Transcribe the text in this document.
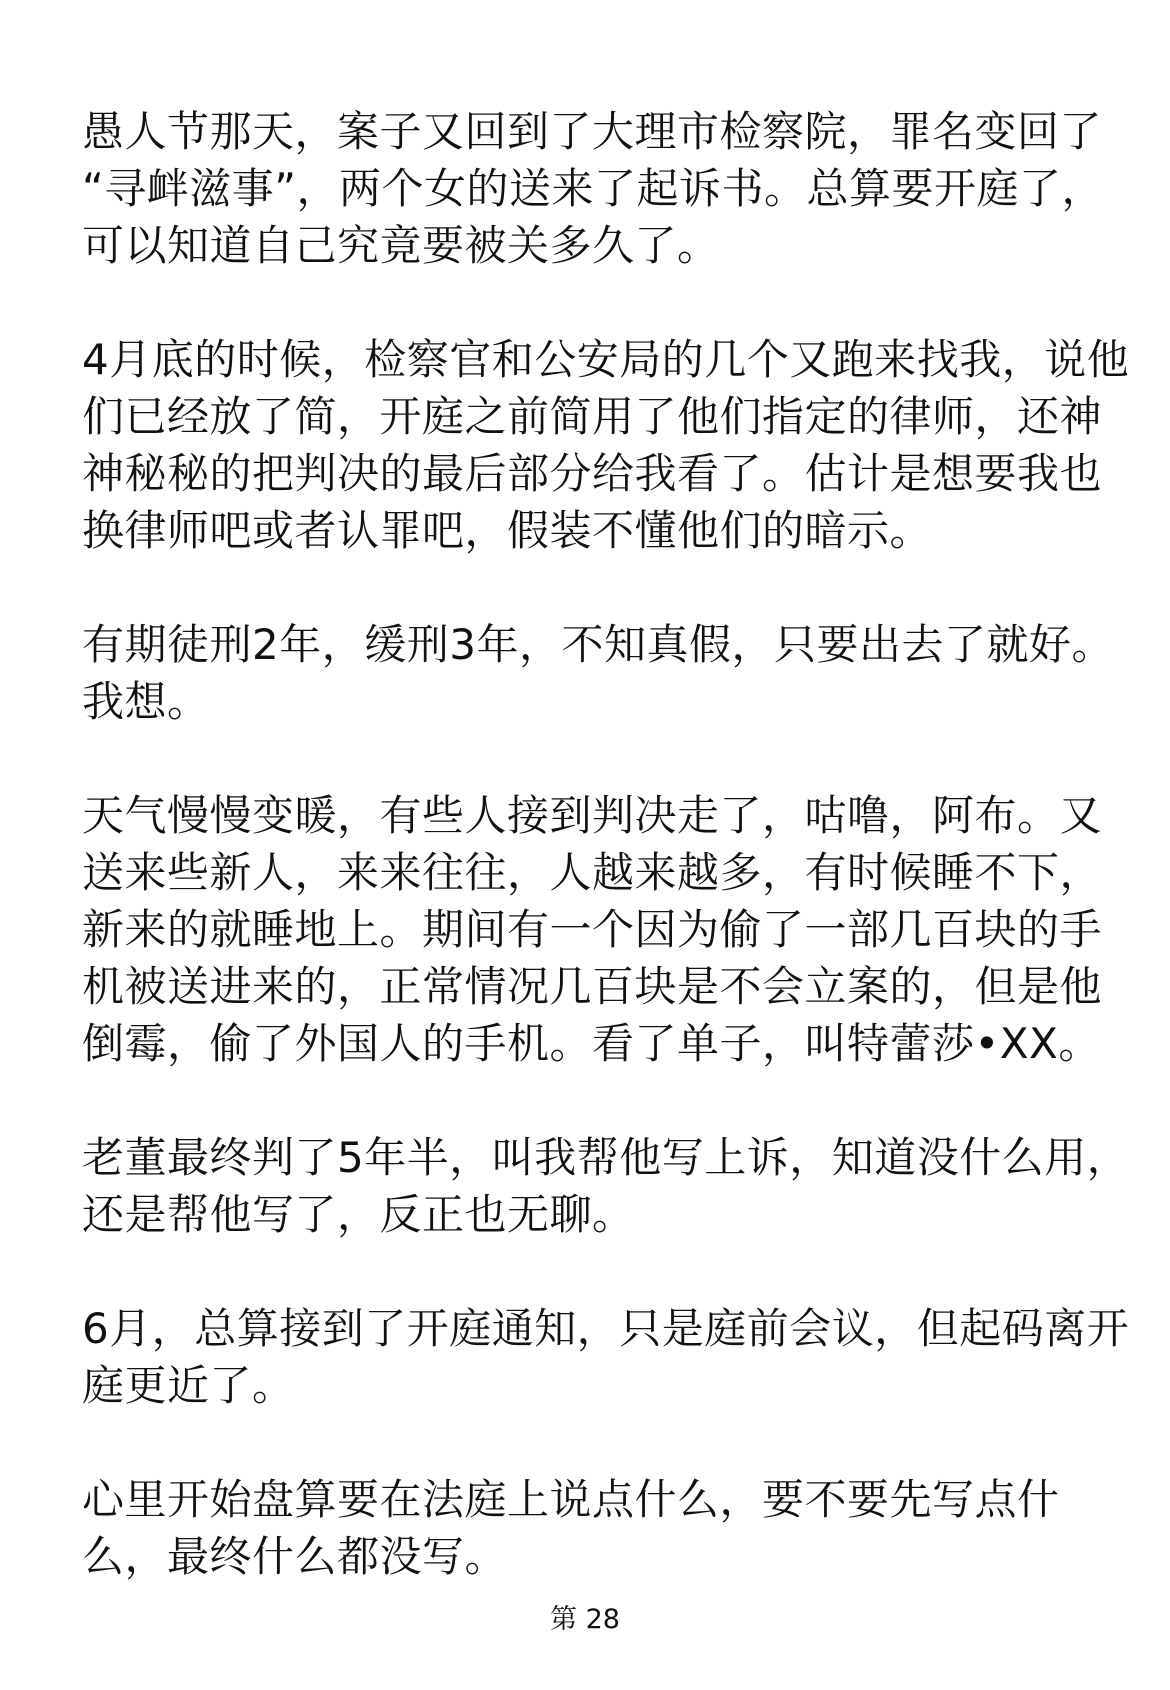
愚人节那天，案子又回到了大理市检察院，罪名变回了
“寻衅滋事”，两个女的送来了起诉书。总算要开庭了，
可以知道自己究竟要被关多久了。

4月底的时候，检察官和公安局的几个又跑来找我，说他
们已经放了简，开庭之前简用了他们指定的律师，还神
神秘秘的把判决的最后部分给我看了。估计是想要我也
换律师吧或者认罪吧，假装不懂他们的暗示。

有期徒刑2年，缓刑3年，不知真假，只要出去了就好。
我想。

天气慢慢变暖，有些人接到判决走了，咕噜，阿布。又
送来些新人，来来往往，人越来越多，有时候睡不下，
新来的就睡地上。期间有一个因为偷了一部几百块的手
机被送进来的，正常情况几百块是不会立案的，但是他
倒霉，偷了外国人的手机。看了单子，叫特蕾莎•XX。

老董最终判了5年半，叫我帮他写上诉，知道没什么用，
还是帮他写了，反正也无聊。

6月，总算接到了开庭通知，只是庭前会议，但起码离开
庭更近了。

心里开始盘算要在法庭上说点什么，要不要先写点什
么，最终什么都没写。

第 28
